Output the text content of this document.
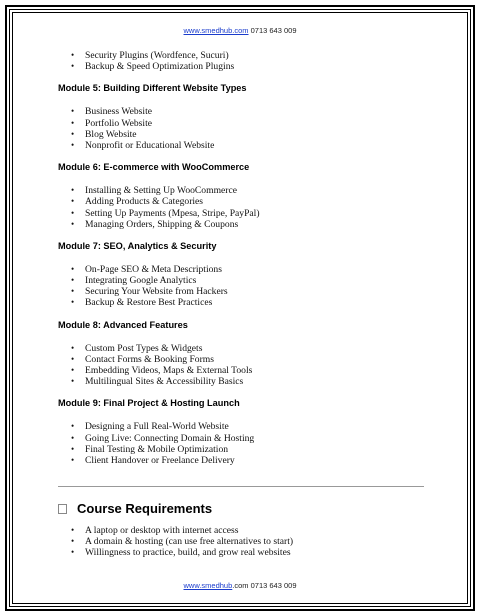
www.smedhub.com 0713 643 009
• Security Plugins (Wordfence, Sucuri)
• Backup & Speed Optimization Plugins
Module 5: Building Different Website Types
• Business Website
• Portfolio Website
• Blog Website
• Nonprofit or Educational Website
Module 6: E-commerce with WooCommerce
• Installing & Setting Up WooCommerce
• Adding Products & Categories
• Setting Up Payments (Mpesa, Stripe, PayPal)
• Managing Orders, Shipping & Coupons
Module 7: SEO, Analytics & Security
• On-Page SEO & Meta Descriptions
• Integrating Google Analytics
• Securing Your Website from Hackers
• Backup & Restore Best Practices
Module 8: Advanced Features
• Custom Post Types & Widgets
• Contact Forms & Booking Forms
• Embedding Videos, Maps & External Tools
• Multilingual Sites & Accessibility Basics
Module 9: Final Project & Hosting Launch
• Designing a Full Real-World Website
• Going Live: Connecting Domain & Hosting
• Final Testing & Mobile Optimization
• Client Handover or Freelance Delivery
Course Requirements
• A laptop or desktop with internet access
• A domain & hosting (can use free alternatives to start)
• Willingness to practice, build, and grow real websites
www.smedhub.com 0713 643 009
